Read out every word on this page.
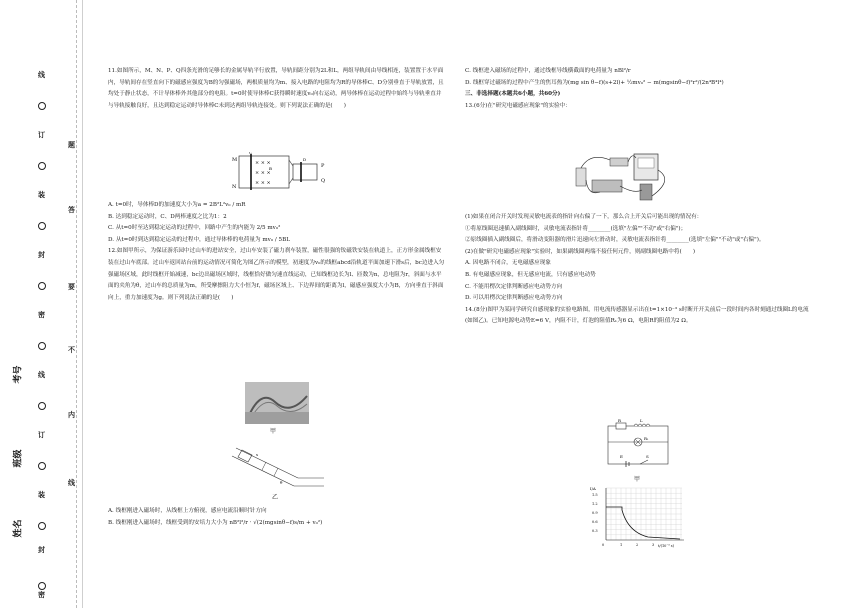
线
订
装
封
密
线
订
装
封
密
题
答
要
不
内
线
考号
班级
姓名

11.如图所示，M、N、P、Q四条光滑的足够长的金属导轨平行放置，导轨间距分别为2L和L，两组导轨间由导线相连，装置置于水平面内，导轨间存在竖直向下的磁感应强度为B的匀强磁场，两根质量均为m、接入电路的电阻均为R的导体棒C、D分别垂直于导轨放置，且均处于静止状态，不计导体棒外其他部分的电阻。t=0时使导体棒C获得瞬时速度v₀向右运动，两导体棒在运动过程中始终与导轨垂直并与导轨接触良好，且达到稳定运动时导体棒C未到达两组导轨连接处。则下列说法正确的是(　　)

M
N
P
Q
C
D
× × ×
× × ×
× × ×
B

A. t=0时，导体棒D的加速度大小为a = 2B²L²v₀ / mR

B. 达到稳定运动时，C、D两棒速度之比为1：2

C. 从t=0时至达到稳定运动的过程中，回路中产生的内能为 2/5 mv₀²

D. 从t=0时到达到稳定运动的过程中，通过导体棒的电荷量为 mv₀ / 5BL

12.如图甲所示，为保证游乐园中过山车的进站安全，过山车安装了磁力刹车装置，磁性很强的钕磁铁安装在轨道上，正方形金属线框安装在过山车底部。过山车返回站台前的运动情况可简化为图乙所示的模型，初速度为v₀的线框abcd沿轨道平面加速下滑s后，bc边进入匀强磁场区域，此时线框开始减速，bc边出磁场区域时，线框恰好做匀速直线运动，已知线框边长为l、匝数为n，总电阻为r，斜面与水平面的夹角为θ，过山车的总质量为m，所受摩擦阻力大小恒为f，磁场区域上、下边界间的距离为l，磁感应强度大小为B，方向垂直于斜面向上，重力加速度为g。则下列说法正确的是(　　)

甲
θ
s
乙

A. 线框刚进入磁场时，从线框上方俯视，感应电流沿顺时针方向

B. 线框刚进入磁场时，线框受到的安培力大小为 nB²l²/r · √(2(mgsinθ−f)s/m + v₀²)

C. 线框进入磁场的过程中，通过线框导线横截面的电荷量为 nBl²/r

D. 线框穿过磁场的过程中产生的焦耳热为(mg sin θ−f)(s+2l)+ ½mv₀² − m(mgsinθ−f)²r²/(2n⁴B⁴l⁴)

三、非选择题(本题共6小题，共60分)

13.(6分)在"研究电磁感应现象"的实验中：

(1)如果在闭合开关时发现灵敏电流表的指针向右偏了一下，那么合上开关后可能出现的情况有：

①将原线圈迅速插入副线圈时，灵敏电流表指针将________(选填"左偏""不动"或"右偏")；

②原线圈插入副线圈后，将滑动变阻器的滑片迅速向左滑动时，灵敏电流表指针将________(选填"左偏""不动"或"右偏")。

(2)在做"研究电磁感应现象"实验时，如果副线圈两端不接任何元件，则副线圈电路中将(　　)

A. 因电路不闭合，无电磁感应现象

B. 有电磁感应现象，但无感应电流，只有感应电动势

C. 不能用楞次定律判断感应电动势方向

D. 可以用楞次定律判断感应电动势方向

14.(8分)图甲为某同学研究自感现象的实验电路图，用电流传感器显示出在t=1×10⁻³ s时断开开关前后一段时间内各时刻通过线圈L的电流(如图乙)。已知电源电动势E=6 V，内阻不计，灯泡的阻值R₁为6 Ω，电阻R的阻值为2 Ω。

R	L
R₁
E	S
甲
I/A
t/(10⁻³ s)
1.5
1.2
0.9
0.6
0.3
0	1	2	3
